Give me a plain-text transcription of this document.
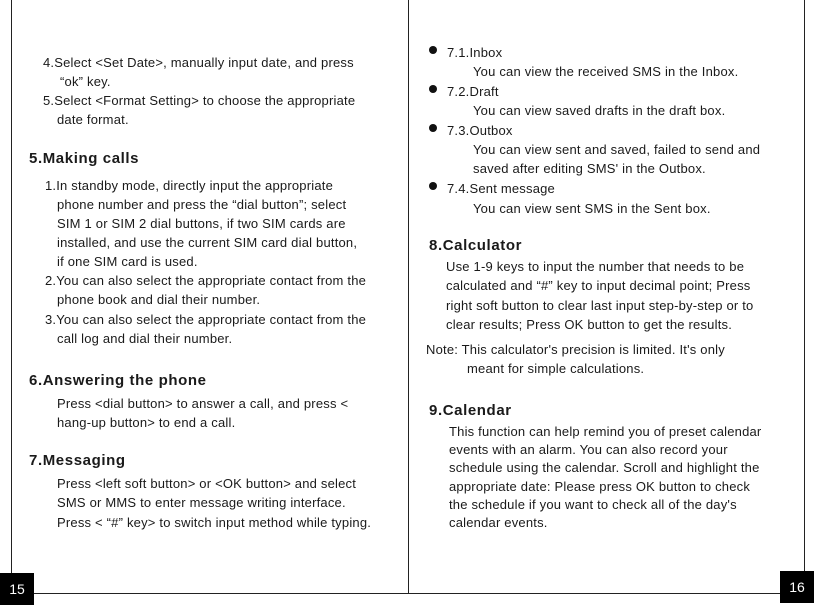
4.Select <Set Date>, manually input date, and press
“ok” key.
5.Select <Format Setting> to choose the appropriate
date format.
5.Making calls
1.In standby mode, directly input the appropriate
phone number and press the “dial button”; select
SIM 1 or SIM 2 dial buttons, if two SIM cards are
installed, and use the current SIM card dial button,
if one SIM card is used.
2.You can also select the appropriate contact from the
phone book and dial their number.
3.You can also select the appropriate contact from the
call log and dial their number.
6.Answering the phone
Press <dial button> to answer a call, and press <
hang-up button> to end a call.
7.Messaging
Press <left soft button> or <OK button> and select
SMS or MMS to enter message writing interface.
Press < “#” key> to switch input method while typing.
15
7.1.Inbox
You can view the received SMS in the Inbox.
7.2.Draft
You can view saved drafts in the draft box.
7.3.Outbox
You can view sent and saved, failed to send and
saved after editing SMS' in the Outbox.
7.4.Sent message
You can view sent SMS in the Sent box.
8.Calculator
Use 1-9 keys to input the number that needs to be
calculated and “#” key to input decimal point; Press
right soft button to clear last input step-by-step or to
clear results; Press OK button to get the results.
Note: This calculator's precision is limited. It's only
meant for simple calculations.
9.Calendar
This function can help remind you of preset calendar
events with an alarm. You can also record your
schedule using the calendar. Scroll and highlight the
appropriate date: Please press OK button to check
the schedule if you want to check all of the day's
calendar events.
16
